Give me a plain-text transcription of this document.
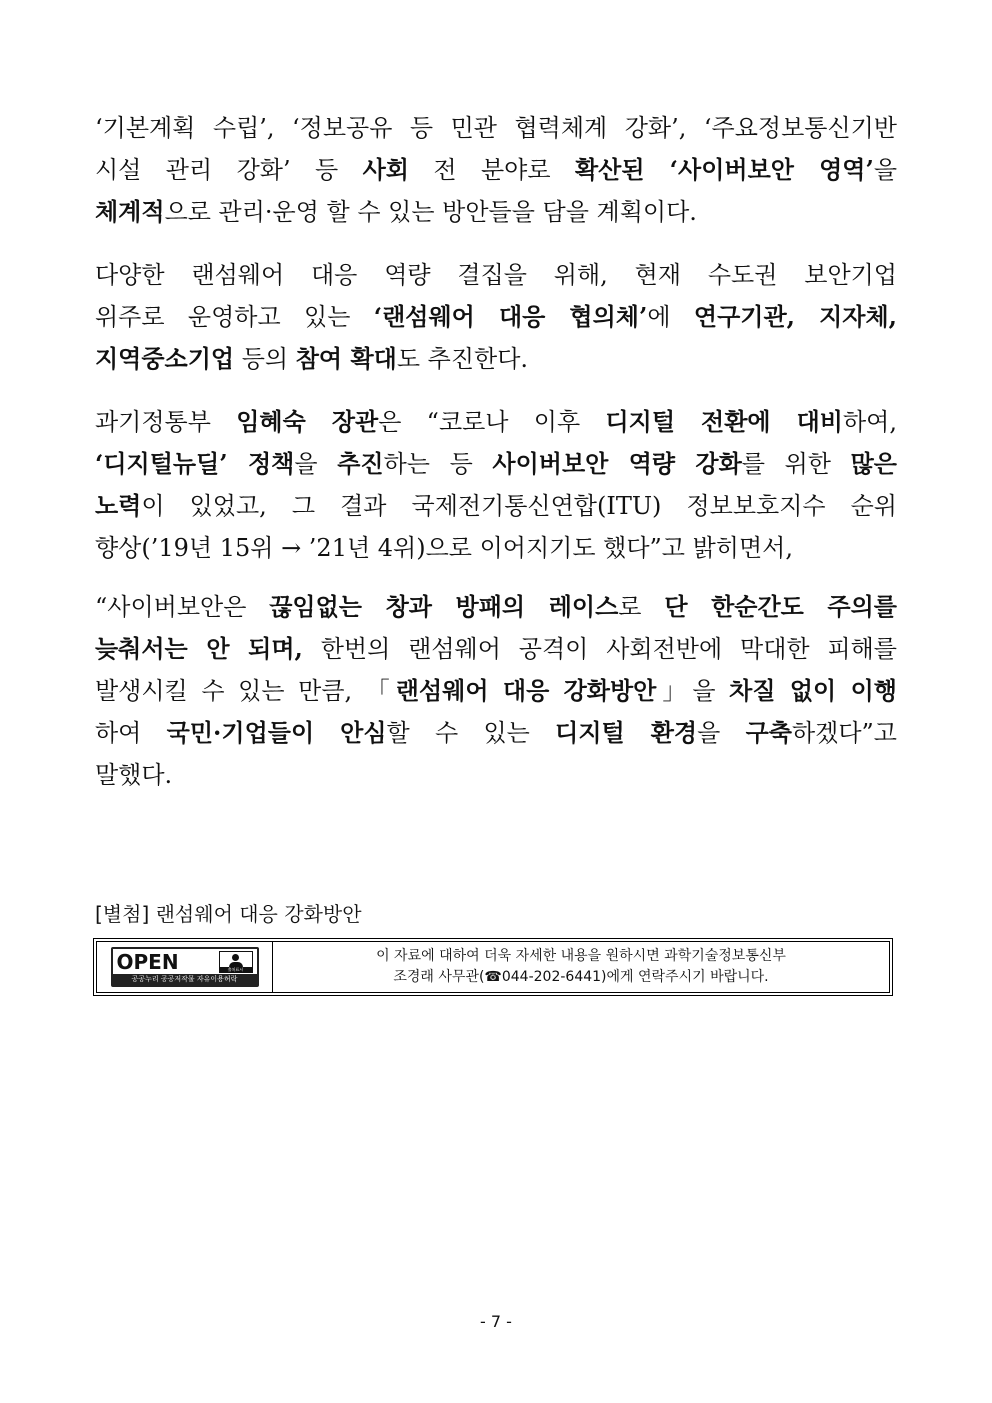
‘기본계획 수립’, ‘정보공유 등 민관 협력체계 강화’, ‘주요정보통신기반
시설 관리 강화’ 등 사회 전 분야로 확산된 ‘사이버보안 영역’을
체계적으로 관리·운영 할 수 있는 방안들을 담을 계획이다.

다양한 랜섬웨어 대응 역량 결집을 위해, 현재 수도권 보안기업
위주로 운영하고 있는 ‘랜섬웨어 대응 협의체’에 연구기관, 지자체,
지역중소기업 등의 참여 확대도 추진한다.

과기정통부 임혜숙 장관은 “코로나 이후 디지털 전환에 대비하여,
‘디지털뉴딜’ 정책을 추진하는 등 사이버보안 역량 강화를 위한 많은
노력이 있었고, 그 결과 국제전기통신연합(ITU) 정보보호지수 순위
향상(’19년 15위 → ’21년 4위)으로 이어지기도 했다”고 밝히면서,

“사이버보안은 끊임없는 창과 방패의 레이스로 단 한순간도 주의를
늦춰서는 안 되며, 한번의 랜섬웨어 공격이 사회전반에 막대한 피해를
발생시킬 수 있는 만큼, 「랜섬웨어 대응 강화방안」을 차질 없이 이행
하여 국민·기업들이 안심할 수 있는 디지털 환경을 구축하겠다”고
말했다.

[별첨] 랜섬웨어 대응 강화방안
OPEN	출처표시
공공누리 공공저작물 자유이용허락
이 자료에 대하여 더욱 자세한 내용을 원하시면 과학기술정보통신부
조경래 사무관(☎044-202-6441)에게 연락주시기 바랍니다.
- 7 -
